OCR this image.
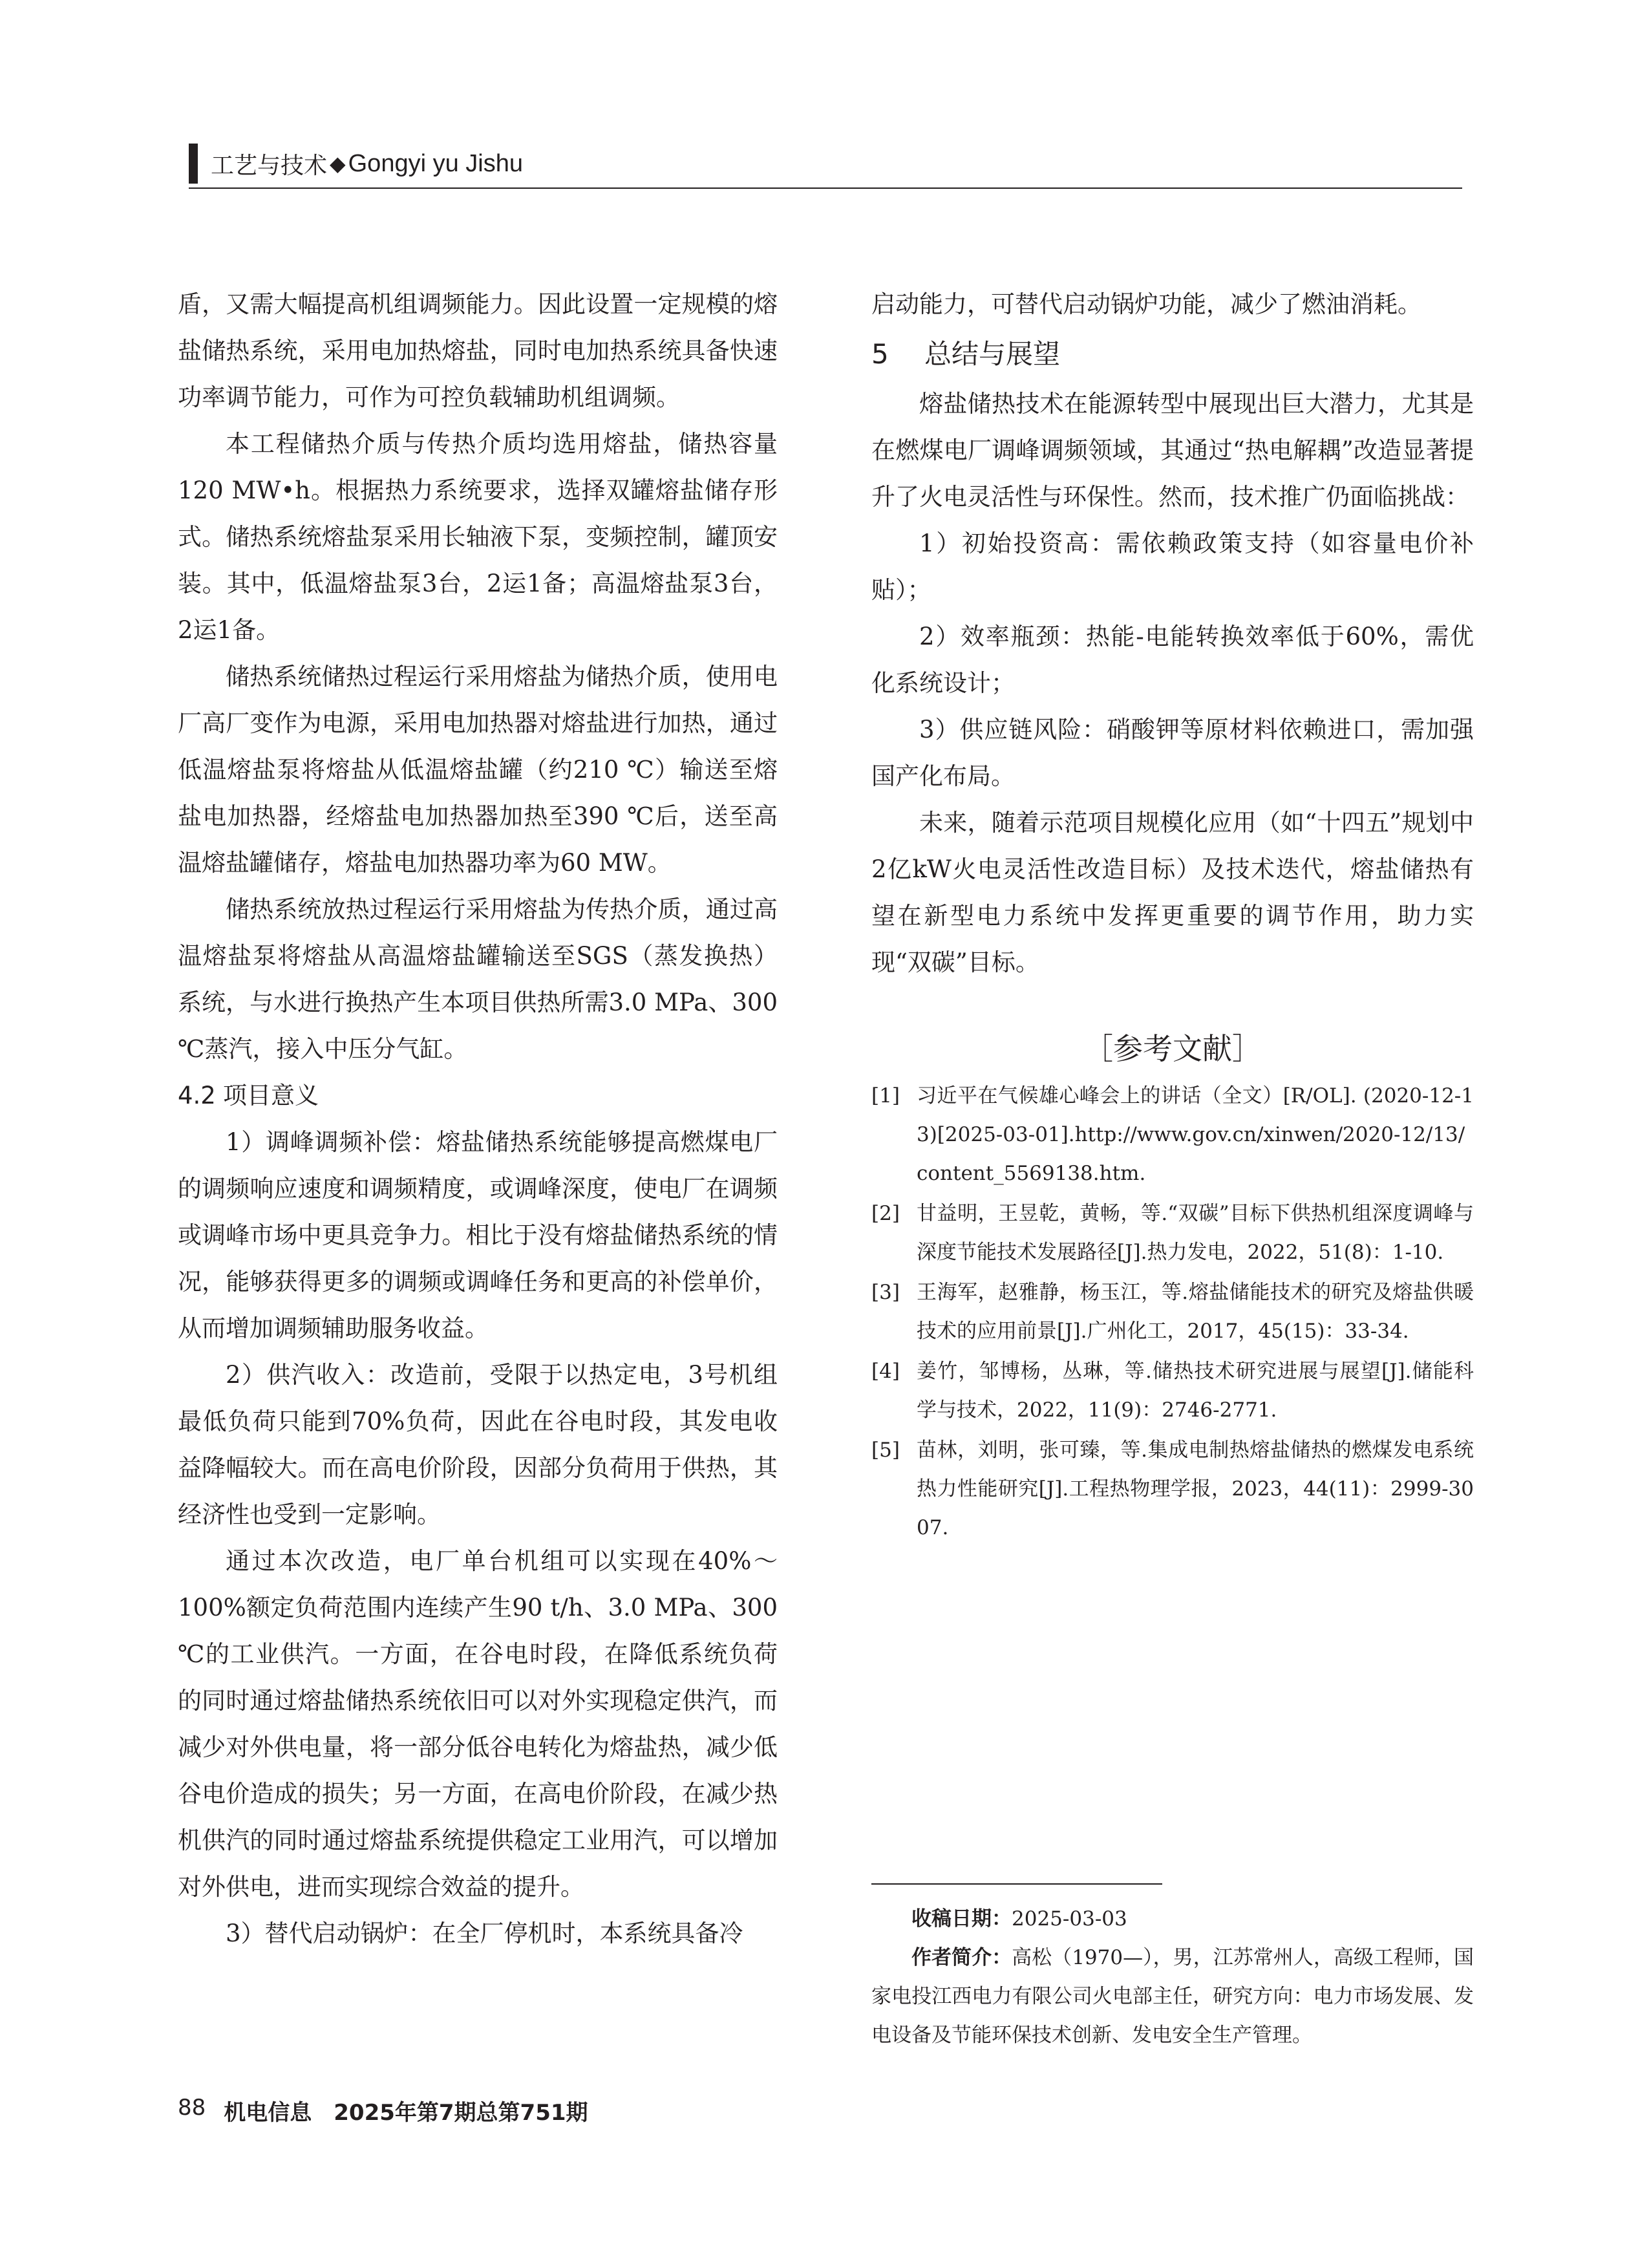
工艺与技术 ◆ Gongyi yu Jishu

盾，又需大幅提高机组调频能力。因此设置一定规模的熔盐储热系统，采用电加热熔盐，同时电加热系统具备快速功率调节能力，可作为可控负载辅助机组调频。

本工程储热介质与传热介质均选用熔盐，储热容量120 MW•h。根据热力系统要求，选择双罐熔盐储存形式。储热系统熔盐泵采用长轴液下泵，变频控制，罐顶安装。其中，低温熔盐泵3台，2运1备；高温熔盐泵3台，2运1备。

储热系统储热过程运行采用熔盐为储热介质，使用电厂高厂变作为电源，采用电加热器对熔盐进行加热，通过低温熔盐泵将熔盐从低温熔盐罐（约210 ℃）输送至熔盐电加热器，经熔盐电加热器加热至390 ℃后，送至高温熔盐罐储存，熔盐电加热器功率为60 MW。

储热系统放热过程运行采用熔盐为传热介质，通过高温熔盐泵将熔盐从高温熔盐罐输送至SGS（蒸发换热）系统，与水进行换热产生本项目供热所需3.0 MPa、300 ℃蒸汽，接入中压分气缸。

4.2 项目意义

1）调峰调频补偿：熔盐储热系统能够提高燃煤电厂的调频响应速度和调频精度，或调峰深度，使电厂在调频或调峰市场中更具竞争力。相比于没有熔盐储热系统的情况，能够获得更多的调频或调峰任务和更高的补偿单价，从而增加调频辅助服务收益。

2）供汽收入：改造前，受限于以热定电，3号机组最低负荷只能到70%负荷，因此在谷电时段，其发电收益降幅较大。而在高电价阶段，因部分负荷用于供热，其经济性也受到一定影响。

通过本次改造，电厂单台机组可以实现在40%～100%额定负荷范围内连续产生90 t/h、3.0 MPa、300 ℃的工业供汽。一方面，在谷电时段，在降低系统负荷的同时通过熔盐储热系统依旧可以对外实现稳定供汽，而减少对外供电量，将一部分低谷电转化为熔盐热，减少低谷电价造成的损失；另一方面，在高电价阶段，在减少热机供汽的同时通过熔盐系统提供稳定工业用汽，可以增加对外供电，进而实现综合效益的提升。

3）替代启动锅炉：在全厂停机时，本系统具备冷

启动能力，可替代启动锅炉功能，减少了燃油消耗。

5 总结与展望

熔盐储热技术在能源转型中展现出巨大潜力，尤其是在燃煤电厂调峰调频领域，其通过“热电解耦”改造显著提升了火电灵活性与环保性。然而，技术推广仍面临挑战：

1）初始投资高：需依赖政策支持（如容量电价补贴）；

2）效率瓶颈：热能-电能转换效率低于60%，需优化系统设计；

3）供应链风险：硝酸钾等原材料依赖进口，需加强国产化布局。

未来，随着示范项目规模化应用（如“十四五”规划中2亿kW火电灵活性改造目标）及技术迭代，熔盐储热有望在新型电力系统中发挥更重要的调节作用，助力实现“双碳”目标。

［参考文献］
[1] 习近平在气候雄心峰会上的讲话（全文）[R/OL]. (2020-12-13)[2025-03-01].http://www.gov.cn/xinwen/2020-12/13/content_5569138.htm.
[2] 甘益明，王昱乾，黄畅，等.“双碳”目标下供热机组深度调峰与深度节能技术发展路径[J].热力发电，2022，51(8)：1-10.
[3] 王海军，赵雅静，杨玉江，等.熔盐储能技术的研究及熔盐供暖技术的应用前景[J].广州化工，2017，45(15)：33-34.
[4] 姜竹，邹博杨，丛琳，等.储热技术研究进展与展望[J].储能科学与技术，2022，11(9)：2746-2771.
[5] 苗林，刘明，张可臻，等.集成电制热熔盐储热的燃煤发电系统热力性能研究[J].工程热物理学报，2023，44(11)：2999-3007.

收稿日期：2025-03-03

作者简介：高松（1970—），男，江苏常州人，高级工程师，国家电投江西电力有限公司火电部主任，研究方向：电力市场发展、发电设备及节能环保技术创新、发电安全生产管理。

88 机电信息　2025年第7期总第751期
